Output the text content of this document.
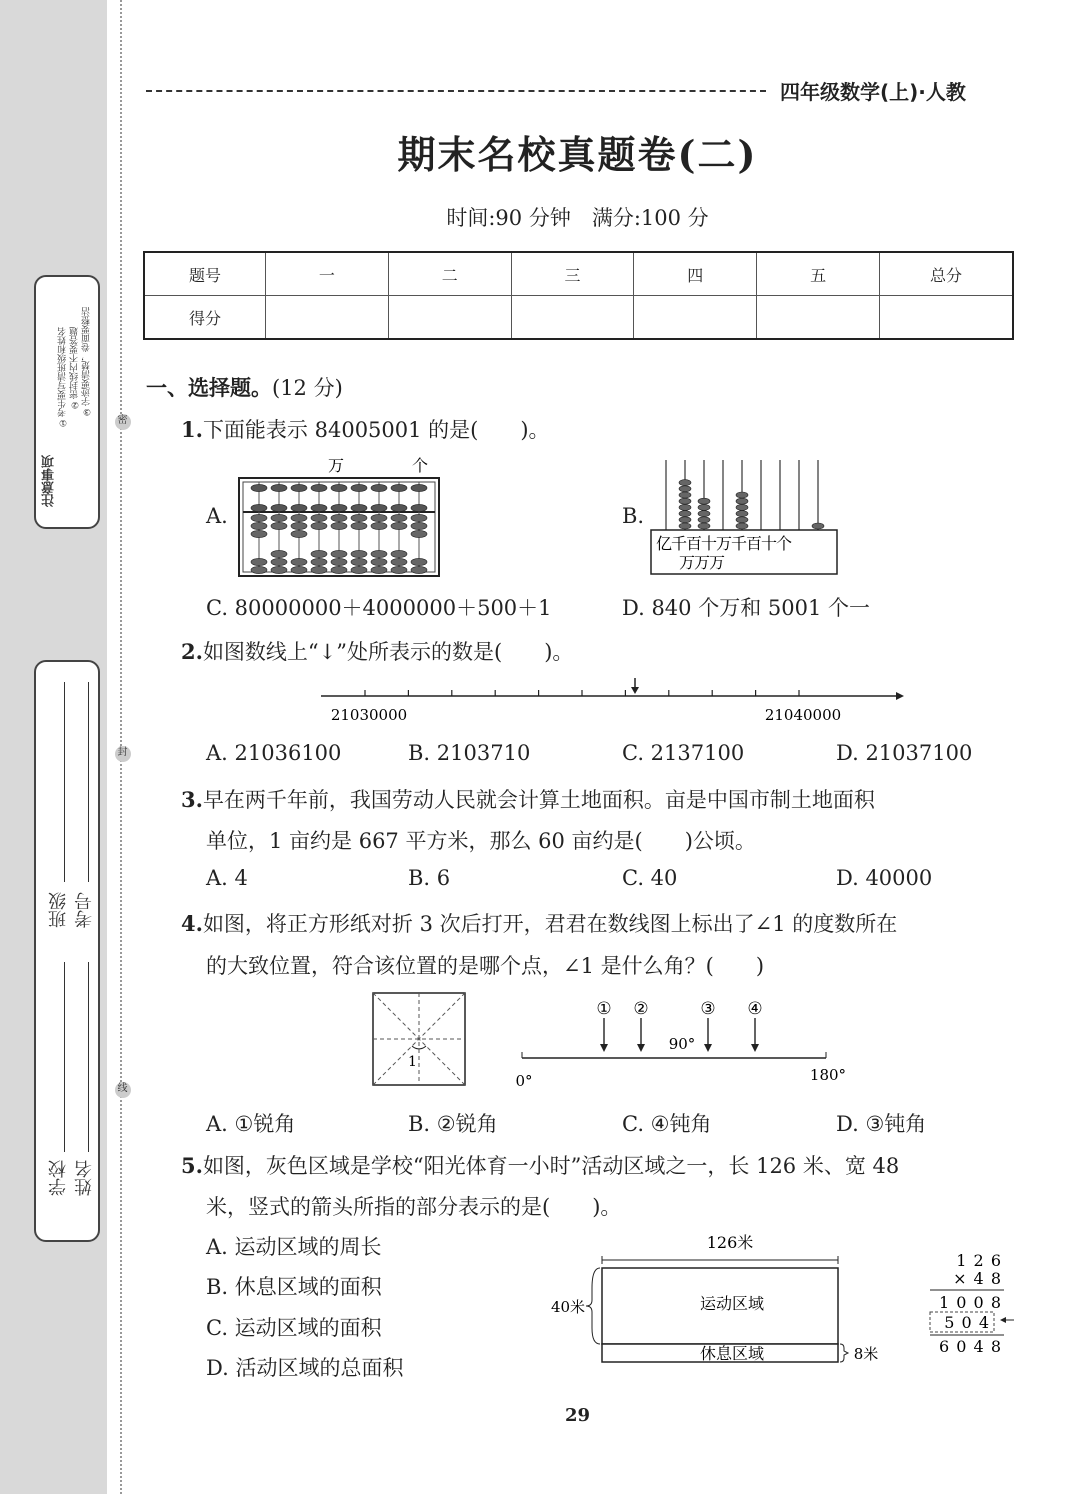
密
封
线
注意事项
①考生要写清班级和姓名 ②密封线内不要答题 ③字迹要清楚，卷面要整洁
班级 考号
学校 姓名
四年级数学(上)·人教
期末名校真题卷(二)
时间:90 分钟　满分:100 分
题号	一	二	三	四	五	总分
得分						
一、选择题。(12 分)
1.下面能表示 84005001 的是(　　)。
A.	B.
万	个
亿千百十万千百十个
万万万
C. 80000000＋4000000＋500＋1	D. 840 个万和 5001 个一
2.如图数线上“↓”处所表示的数是(　　)。
21030000	21040000
A. 21036100	B. 2103710	C. 2137100	D. 21037100
3.早在两千年前，我国劳动人民就会计算土地面积。亩是中国市制土地面积
单位，1 亩约是 667 平方米，那么 60 亩约是(　　)公顷。
A. 4	B. 6	C. 40	D. 40000
4.如图，将正方形纸对折 3 次后打开，君君在数线图上标出了∠1 的度数所在
的大致位置，符合该位置的是哪个点，∠1 是什么角？(　　)
1
① ②	③ ④
90°
0°	180°
A. ①锐角	B. ②锐角	C. ④钝角	D. ③钝角
5.如图，灰色区域是学校“阳光体育一小时”活动区域之一，长 126 米、宽 48
米，竖式的箭头所指的部分表示的是(　　)。
A. 运动区域的周长
B. 休息区域的面积
C. 运动区域的面积
D. 活动区域的总面积
126米
运动区域
休息区域
40米
8米
1 2 6
× 4 8
1 0 0 8
5 0 4
6 0 4 8
29
